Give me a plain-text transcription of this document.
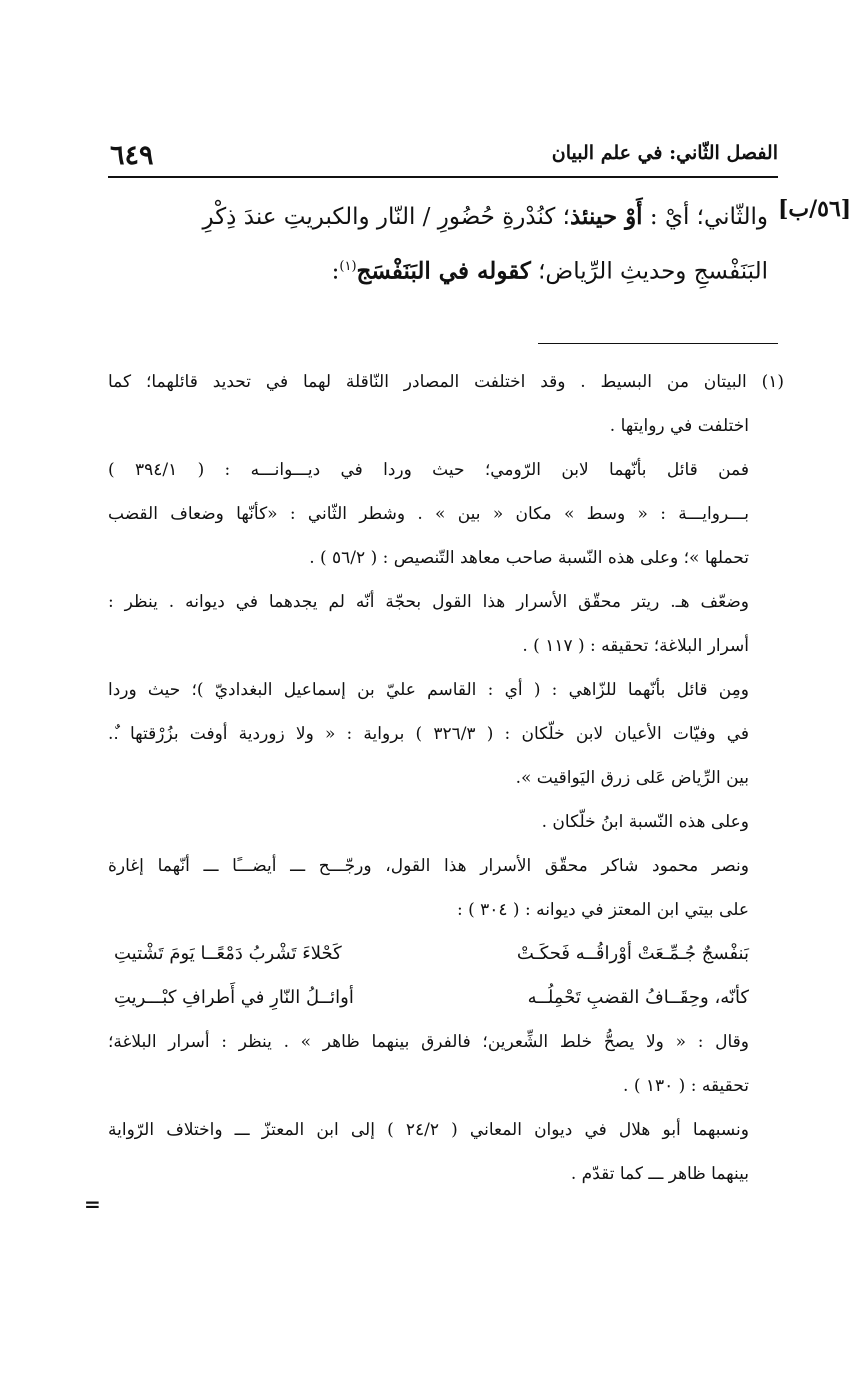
٦٤٩	الفصل الثّاني: في علم البيان
[٥٦/ب]
والثّاني؛ أيْ : أَوْ حينئذ؛ كنُدْرةِ حُضُورِ / النّار والكبريتِ عندَ ذِكْرِ
البَنَفْسجِ وحديثِ الرِّياض؛ كقوله في البَنَفْسَج$^{(١)}$:
(١) البيتان من البسيط . وقد اختلفت المصادر النّاقلة لهما في تحديد قائلهما؛ كما
اختلفت في روايتها .
فمن قائل بأنّهما لابن الرّومي؛ حيث وردا في ديـــوانـــه : ( ٣٩٤/١ )
بـــروايـــة : « وسط » مكان « بين » . وشطر الثّاني : «كأنّها وضعاف القضب
تحملها »؛ وعلى هذه النّسبة صاحب معاهد التّنصيص : ( ٥٦/٢ ) .
وضعّف هـ. ريتر محقّق الأسرار هذا القول بحجّة أنّه لم يجدهما في ديوانه . ينظر :
أسرار البلاغة؛ تحقيقه : ( ١١٧ ) .
ومِن قائل بأنّهما للزّاهي : ( أي : القاسم عليّ بن إسماعيل البغداديّ )؛ حيث وردا
في وفيّات الأعيان لابن خلّكان : ( ٣٢٦/٣ ) برواية : « ولا زوردية أوفت بزُرْقتها .ٌ.
بين الرِّياض عَلى زرق اليَواقيت ».
وعلى هذه النّسبة ابنُ خلّكان .
ونصر محمود شاكر محقّق الأسرار هذا القول، ورجّـــح ـــ أيضـــًا ـــ أنّهما إغارة
على بيتي ابن المعتز في ديوانه : ( ٣٠٤ ) :
بَنفْسجٌ جُـمِّـعَتْ أوْراقُــه فَحكَـتْ
كَحْلاءَ تَشْربُ دَمْعًــا يَومَ تَشْتيتِ
كأنّه، وحِقَــافُ القضبِ تَحْمِلُــه
أوائــلُ النّارِ في أَطرافِ كبْـــريتِ
وقال : « ولا يصحُّ خلط الشِّعرين؛ فالفرق بينهما ظاهر » . ينظر : أسرار البلاغة؛
تحقيقه : ( ١٣٠ ) .
ونسبهما أبو هلال في ديوان المعاني ( ٢٤/٢ ) إلى ابن المعتزّ ـــ واختلاف الرّواية
بينهما ظاهر ـــ كما تقدّم .
=
